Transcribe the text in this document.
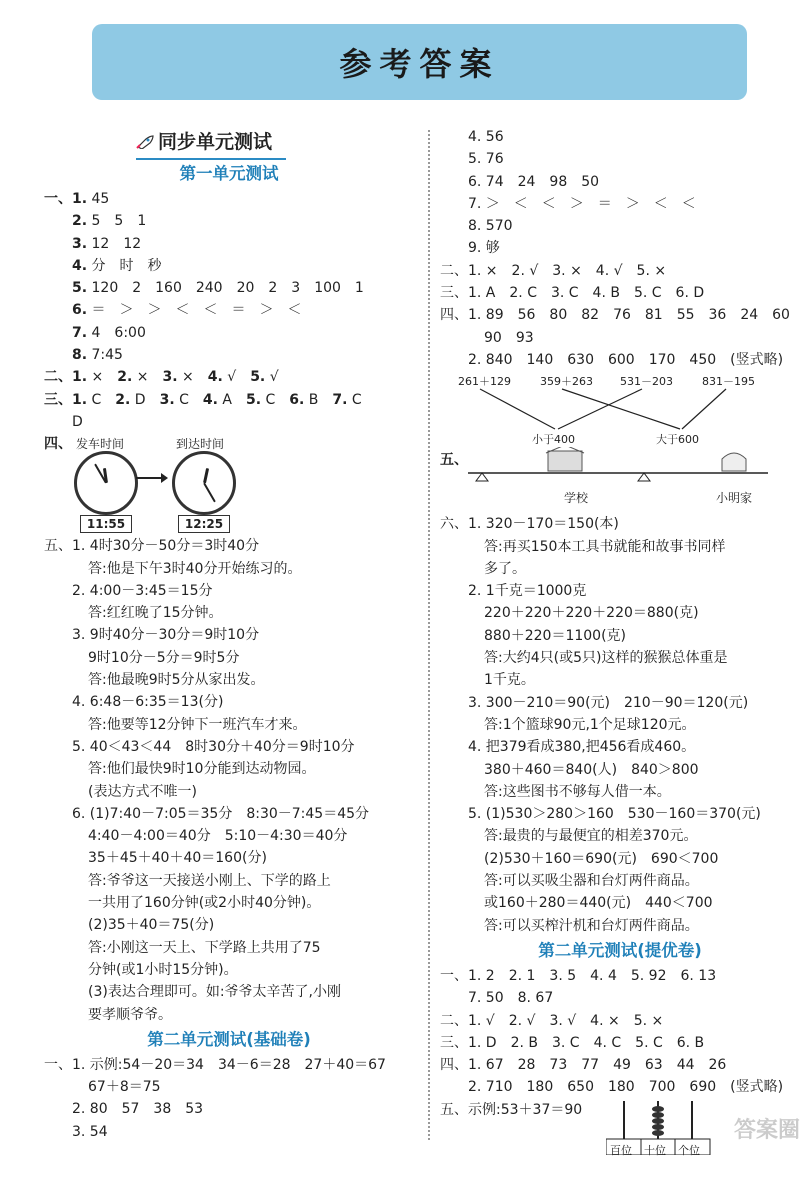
参考答案
同步单元测试
第一单元测试
一、1. 45
2. 5　5　1
3. 12　12
4. 分　时　秒
5. 120　2　160　240　20　2　3　100　1
6. ＝　＞　＞　＜　＜　＝　＞　＜
7. 4　6:00
8. 7:45
二、1. ×　2. ×　3. ×　4. √　5. √
三、1. C　2. D　3. C　4. A　5. C　6. B　7. C
D
四、 发车时间	到达时间
11:55	12:25
五、1. 4时30分－50分＝3时40分
答:他是下午3时40分开始练习的。
2. 4:00－3:45＝15分
答:红红晚了15分钟。
3. 9时40分－30分＝9时10分
9时10分－5分＝9时5分
答:他最晚9时5分从家出发。
4. 6:48－6:35＝13(分)
答:他要等12分钟下一班汽车才来。
5. 40＜43＜44　8时30分＋40分＝9时10分
答:他们最快9时10分能到达动物园。
(表达方式不唯一)
6. (1)7:40－7:05＝35分　8:30－7:45＝45分
4:40－4:00＝40分　5:10－4:30＝40分
35＋45＋40＋40＝160(分)
答:爷爷这一天接送小刚上、下学的路上
一共用了160分钟(或2小时40分钟)。
(2)35＋40＝75(分)
答:小刚这一天上、下学路上共用了75
分钟(或1小时15分钟)。
(3)表达合理即可。如:爷爷太辛苦了,小刚
要孝顺爷爷。
第二单元测试(基础卷)
一、1. 示例:54－20＝34　34－6＝28　27＋40＝67
67＋8＝75
2. 80　57　38　53
3. 54
4. 56
5. 76
6. 74　24　98　50
7. ＞　＜　＜　＞　＝　＞　＜　＜
8. 570
9. 够
二、1. ×　2. √　3. ×　4. √　5. ×
三、1. A　2. C　3. C　4. B　5. C　6. D
四、1. 89　56　80　82　76　81　55　36　24　60
90　93
2. 840　140　630　600　170　450　(竖式略)
261＋129	359＋263 531－203	831－195
小于400	大于600
五、
学校	小明家
六、1. 320－170＝150(本)
答:再买150本工具书就能和故事书同样
多了。
2. 1千克＝1000克
220＋220＋220＋220＝880(克)
880＋220＝1100(克)
答:大约4只(或5只)这样的猴猴总体重是
1千克。
3. 300－210＝90(元)　210－90＝120(元)
答:1个篮球90元,1个足球120元。
4. 把379看成380,把456看成460。
380＋460＝840(人)　840＞800
答:这些图书不够每人借一本。
5. (1)530＞280＞160　530－160＝370(元)
答:最贵的与最便宜的相差370元。
(2)530＋160＝690(元)　690＜700
答:可以买吸尘器和台灯两件商品。
或160＋280＝440(元)　440＜700
答:可以买榨汁机和台灯两件商品。
第二单元测试(提优卷)
一、1. 2　2. 1　3. 5　4. 4　5. 92　6. 13
7. 50　8. 67
二、1. √　2. √　3. √　4. ×　5. ×
三、1. D　2. B　3. C　4. C　5. C　6. B
四、1. 67　28　73　77　49　63　44　26
2. 710　180　650　180　700　690　(竖式略)
五、示例:53＋37＝90
百位 十位 个位
答案圈
